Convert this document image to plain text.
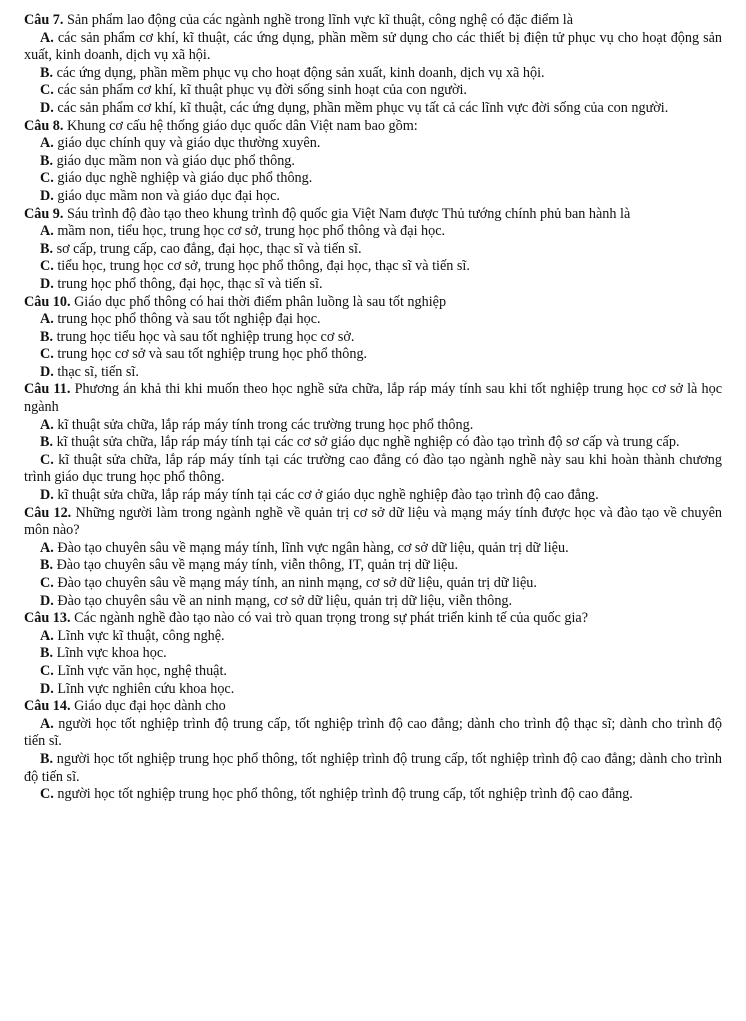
Câu 7. Sản phẩm lao động của các ngành nghề trong lĩnh vực kĩ thuật, công nghệ có đặc điểm là

A. các sản phẩm cơ khí, kĩ thuật, các ứng dụng, phần mềm sử dụng cho các thiết bị điện tử phục vụ cho hoạt động sản xuất, kinh doanh, dịch vụ xã hội.

B. các ứng dụng, phần mềm phục vụ cho hoạt động sản xuất, kinh doanh, dịch vụ xã hội.

C. các sản phẩm cơ khí, kĩ thuật phục vụ đời sống sinh hoạt của con người.

D. các sản phẩm cơ khí, kĩ thuật, các ứng dụng, phần mềm phục vụ tất cả các lĩnh vực đời sống của con người.

Câu 8. Khung cơ cấu hệ thống giáo dục quốc dân Việt nam bao gồm:

A. giáo dục chính quy và giáo dục thường xuyên.

B. giáo dục mầm non và giáo dục phổ thông.

C. giáo dục nghề nghiệp và giáo dục phổ thông.

D. giáo dục mầm non và giáo dục đại học.

Câu 9. Sáu trình độ đào tạo theo khung trình độ quốc gia Việt Nam được Thủ tướng chính phủ ban hành là

A. mầm non, tiểu học, trung học cơ sở, trung học phổ thông và đại học.

B. sơ cấp, trung cấp, cao đẳng, đại học, thạc sĩ và tiến sĩ.

C. tiểu học, trung học cơ sở, trung học phổ thông, đại học, thạc sĩ và tiến sĩ.

D. trung học phổ thông, đại học, thạc sĩ và tiến sĩ.

Câu 10. Giáo dục phổ thông có hai thời điểm phân luồng là sau tốt nghiệp

A. trung học phổ thông và sau tốt nghiệp đại học.

B. trung học tiểu học và sau tốt nghiệp trung học cơ sở.

C. trung học cơ sở và sau tốt nghiệp trung học phổ thông.

D. thạc sĩ, tiến sĩ.

Câu 11. Phương án khả thi khi muốn theo học nghề sửa chữa, lắp ráp máy tính sau khi tốt nghiệp trung học cơ sở là học ngành

A. kĩ thuật sửa chữa, lắp ráp máy tính trong các trường trung học phổ thông.

B. kĩ thuật sửa chữa, lắp ráp máy tính tại các cơ sở giáo dục nghề nghiệp có đào tạo trình độ sơ cấp và trung cấp.

C. kĩ thuật sửa chữa, lắp ráp máy tính tại các trường cao đẳng có đào tạo ngành nghề này sau khi hoàn thành chương trình giáo dục trung học phổ thông.

D. kĩ thuật sửa chữa, lắp ráp máy tính tại các cơ ở giáo dục nghề nghiệp đào tạo trình độ cao đẳng.

Câu 12. Những người làm trong ngành nghề về quản trị cơ sở dữ liệu và mạng máy tính được học và đào tạo về chuyên môn nào?

A. Đào tạo chuyên sâu về mạng máy tính, lĩnh vực ngân hàng, cơ sở dữ liệu, quản trị dữ liệu.

B. Đào tạo chuyên sâu về mạng máy tính, viễn thông, IT, quản trị dữ liệu.

C. Đào tạo chuyên sâu về mạng máy tính, an ninh mạng, cơ sở dữ liệu, quản trị dữ liệu.

D. Đào tạo chuyên sâu về an ninh mạng, cơ sở dữ liệu, quản trị dữ liệu, viễn thông.

Câu 13. Các ngành nghề đào tạo nào có vai trò quan trọng trong sự phát triển kinh tế của quốc gia?

A. Lĩnh vực kĩ thuật, công nghệ.

B. Lĩnh vực khoa học.

C. Lĩnh vực văn học, nghệ thuật.

D. Lĩnh vực nghiên cứu khoa học.

Câu 14. Giáo dục đại học dành cho

A. người học tốt nghiệp trình độ trung cấp, tốt nghiệp trình độ cao đẳng; dành cho trình độ thạc sĩ; dành cho trình độ tiến sĩ.

B. người học tốt nghiệp trung học phổ thông, tốt nghiệp trình độ trung cấp, tốt nghiệp trình độ cao đẳng; dành cho trình độ tiến sĩ.

C. người học tốt nghiệp trung học phổ thông, tốt nghiệp trình độ trung cấp, tốt nghiệp trình độ cao đẳng.
